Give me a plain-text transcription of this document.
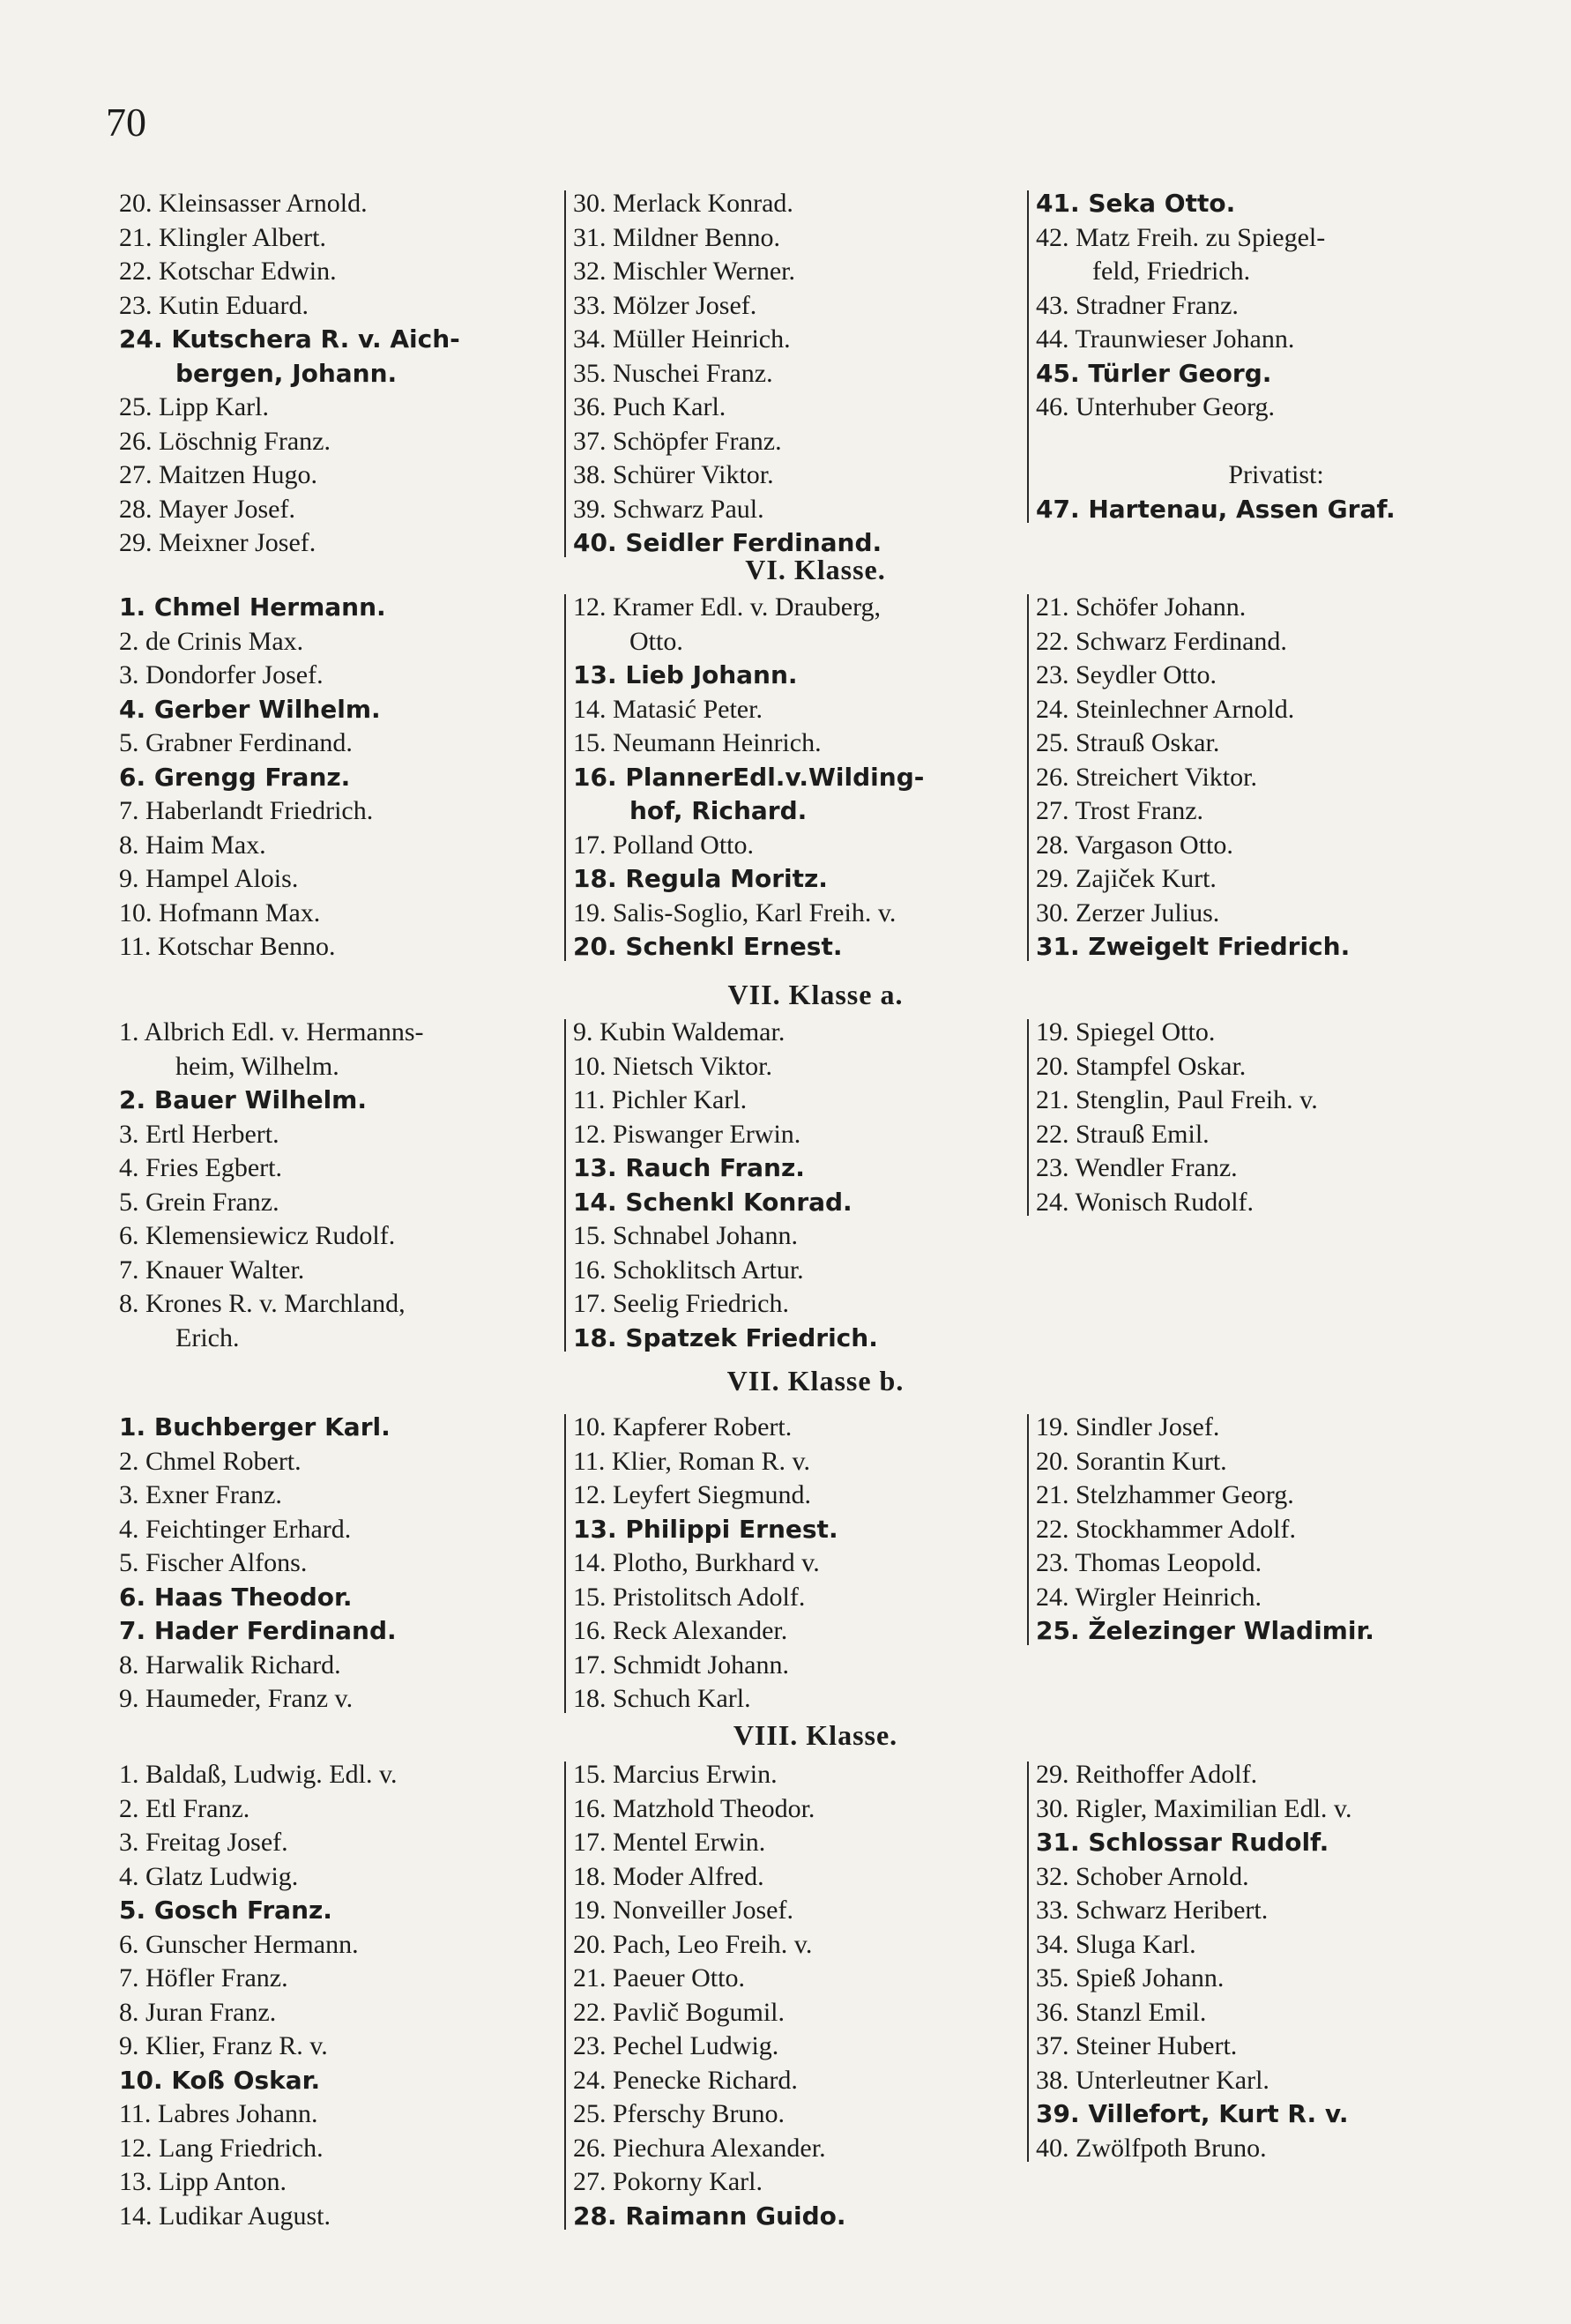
70
20. Kleinsasser Arnold.
21. Klingler Albert.
22. Kotschar Edwin.
23. Kutin Eduard.
24. Kutschera R. v. Aich-
bergen, Johann.
25. Lipp Karl.
26. Löschnig Franz.
27. Maitzen Hugo.
28. Mayer Josef.
29. Meixner Josef.
30. Merlack Konrad.
31. Mildner Benno.
32. Mischler Werner.
33. Mölzer Josef.
34. Müller Heinrich.
35. Nuschei Franz.
36. Puch Karl.
37. Schöpfer Franz.
38. Schürer Viktor.
39. Schwarz Paul.
40. Seidler Ferdinand.
41. Seka Otto.
42. Matz Freih. zu Spiegel-
feld, Friedrich.
43. Stradner Franz.
44. Traunwieser Johann.
45. Türler Georg.
46. Unterhuber Georg.
Privatist:
47. Hartenau, Assen Graf.
VI. Klasse.
1. Chmel Hermann.
2. de Crinis Max.
3. Dondorfer Josef.
4. Gerber Wilhelm.
5. Grabner Ferdinand.
6. Grengg Franz.
7. Haberlandt Friedrich.
8. Haim Max.
9. Hampel Alois.
10. Hofmann Max.
11. Kotschar Benno.
12. Kramer Edl. v. Drauberg,
Otto.
13. Lieb Johann.
14. Matasić Peter.
15. Neumann Heinrich.
16. PlannerEdl.v.Wilding-
hof, Richard.
17. Polland Otto.
18. Regula Moritz.
19. Salis-Soglio, Karl Freih. v.
20. Schenkl Ernest.
21. Schöfer Johann.
22. Schwarz Ferdinand.
23. Seydler Otto.
24. Steinlechner Arnold.
25. Strauß Oskar.
26. Streichert Viktor.
27. Trost Franz.
28. Vargason Otto.
29. Zajiček Kurt.
30. Zerzer Julius.
31. Zweigelt Friedrich.
VII. Klasse a.
1. Albrich Edl. v. Hermanns-
heim, Wilhelm.
2. Bauer Wilhelm.
3. Ertl Herbert.
4. Fries Egbert.
5. Grein Franz.
6. Klemensiewicz Rudolf.
7. Knauer Walter.
8. Krones R. v. Marchland,
Erich.
9. Kubin Waldemar.
10. Nietsch Viktor.
11. Pichler Karl.
12. Piswanger Erwin.
13. Rauch Franz.
14. Schenkl Konrad.
15. Schnabel Johann.
16. Schoklitsch Artur.
17. Seelig Friedrich.
18. Spatzek Friedrich.
19. Spiegel Otto.
20. Stampfel Oskar.
21. Stenglin, Paul Freih. v.
22. Strauß Emil.
23. Wendler Franz.
24. Wonisch Rudolf.
VII. Klasse b.
1. Buchberger Karl.
2. Chmel Robert.
3. Exner Franz.
4. Feichtinger Erhard.
5. Fischer Alfons.
6. Haas Theodor.
7. Hader Ferdinand.
8. Harwalik Richard.
9. Haumeder, Franz v.
10. Kapferer Robert.
11. Klier, Roman R. v.
12. Leyfert Siegmund.
13. Philippi Ernest.
14. Plotho, Burkhard v.
15. Pristolitsch Adolf.
16. Reck Alexander.
17. Schmidt Johann.
18. Schuch Karl.
19. Sindler Josef.
20. Sorantin Kurt.
21. Stelzhammer Georg.
22. Stockhammer Adolf.
23. Thomas Leopold.
24. Wirgler Heinrich.
25. Železinger Wladimir.
VIII. Klasse.
1. Baldaß, Ludwig. Edl. v.
2. Etl Franz.
3. Freitag Josef.
4. Glatz Ludwig.
5. Gosch Franz.
6. Gunscher Hermann.
7. Höfler Franz.
8. Juran Franz.
9. Klier, Franz R. v.
10. Koß Oskar.
11. Labres Johann.
12. Lang Friedrich.
13. Lipp Anton.
14. Ludikar August.
15. Marcius Erwin.
16. Matzhold Theodor.
17. Mentel Erwin.
18. Moder Alfred.
19. Nonveiller Josef.
20. Pach, Leo Freih. v.
21. Paeuer Otto.
22. Pavlič Bogumil.
23. Pechel Ludwig.
24. Penecke Richard.
25. Pferschy Bruno.
26. Piechura Alexander.
27. Pokorny Karl.
28. Raimann Guido.
29. Reithoffer Adolf.
30. Rigler, Maximilian Edl. v.
31. Schlossar Rudolf.
32. Schober Arnold.
33. Schwarz Heribert.
34. Sluga Karl.
35. Spieß Johann.
36. Stanzl Emil.
37. Steiner Hubert.
38. Unterleutner Karl.
39. Villefort, Kurt R. v.
40. Zwölfpoth Bruno.
